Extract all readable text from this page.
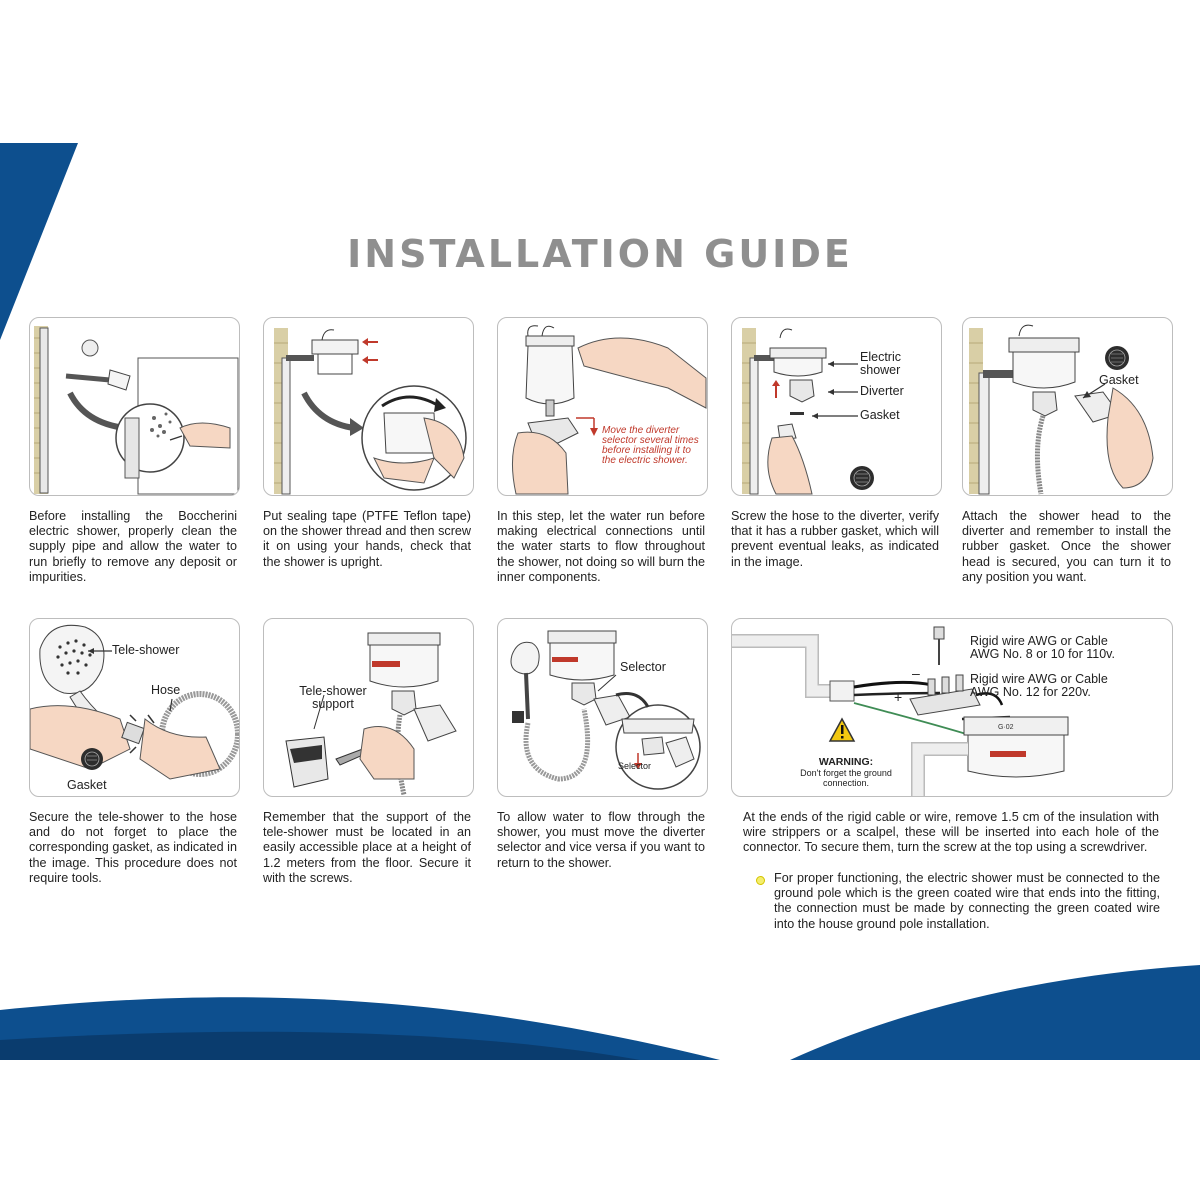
INSTALLATION GUIDE
Before installing the Boccherini electric shower, properly clean the supply pipe and allow the water to run briefly to remove any deposit or impurities.
Put sealing tape (PTFE Teflon tape) on the shower thread and then screw it on using your hands, check that the shower is upright.
Move the diverter selector several times before installing it to the electric shower.
In this step, let the water run before making electrical connections until the water starts to flow throughout the shower, not doing so will burn the inner components.
Electric shower
Diverter
Gasket
Screw the hose to the diverter, verify that it has a rubber gasket, which will prevent eventual leaks, as indicated in the image.
Gasket
Attach the shower head to the diverter and remember to install the rubber gasket. Once the shower head is secured, you can turn it to any position you want.
Tele-shower
Hose
Gasket
Secure the tele-shower to the hose and do not forget to place the corresponding gasket, as indicated in the image. This procedure does not require tools.
Tele-shower support
Remember that the support of the tele-shower must be located in an easily accessible place at a height of 1.2 meters from the floor. Secure it with the screws.
Selector
Selector
To allow water to flow through the shower, you must move the diverter selector and vice versa if you want to return to the shower.
G·02
–
+
Rigid wire AWG or Cable AWG No. 8 or 10 for 110v.
Rigid wire AWG or Cable AWG No. 12 for 220v.
WARNING:
Don't forget the ground connection.
At the ends of the rigid cable or wire, remove 1.5 cm of the insulation with wire strippers or a scalpel, these will be inserted into each hole of the connector. To secure them, turn the screw at the top using a screwdriver.
For proper functioning, the electric shower must be connected to the ground pole which is the green coated wire that ends into the fitting, the connection must be made by connecting the green coated wire into the house ground pole installation.
